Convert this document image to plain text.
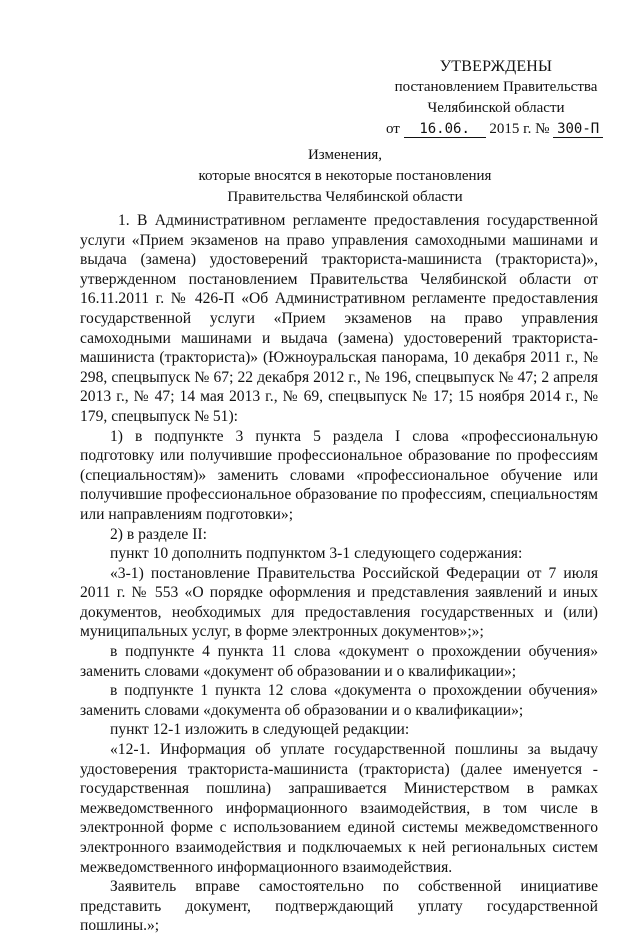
УТВЕРЖДЕНЫ
постановлением Правительства
Челябинской области
от 16.06. 2015 г. № 300-П
Изменения,
которые вносятся в некоторые постановления
Правительства Челябинской области

1. В Административном регламенте предоставления государственной услуги «Прием экзаменов на право управления самоходными машинами и выдача (замена) удостоверений тракториста-машиниста (тракториста)», утвержденном постановлением Правительства Челябинской области от 16.11.2011 г. № 426-П «Об Административном регламенте предоставления государственной услуги «Прием экзаменов на право управления самоходными машинами и выдача (замена) удостоверений тракториста-машиниста (тракториста)» (Южноуральская панорама, 10 декабря 2011 г., № 298, спецвыпуск № 67; 22 декабря 2012 г., № 196, спецвыпуск № 47; 2 апреля 2013 г., № 47; 14 мая 2013 г., № 69, спецвыпуск № 17; 15 ноября 2014 г., № 179, спецвыпуск № 51):

1) в подпункте 3 пункта 5 раздела I слова «профессиональную подготовку или получившие профессиональное образование по профессиям (специальностям)» заменить словами «профессиональное обучение или получившие профессиональное образование по профессиям, специальностям или направлениям подготовки»;

2) в разделе II:

пункт 10 дополнить подпунктом 3-1 следующего содержания:

«3-1) постановление Правительства Российской Федерации от 7 июля 2011 г. № 553 «О порядке оформления и представления заявлений и иных документов, необходимых для предоставления государственных и (или) муниципальных услуг, в форме электронных документов»;»;

в подпункте 4 пункта 11 слова «документ о прохождении обучения» заменить словами «документ об образовании и о квалификации»;

в подпункте 1 пункта 12 слова «документа о прохождении обучения» заменить словами «документа об образовании и о квалификации»;

пункт 12-1 изложить в следующей редакции:

«12-1. Информация об уплате государственной пошлины за выдачу удостоверения тракториста-машиниста (тракториста) (далее именуется - государственная пошлина) запрашивается Министерством в рамках межведомственного информационного взаимодействия, в том числе в электронной форме с использованием единой системы межведомственного электронного взаимодействия и подключаемых к ней региональных систем межведомственного информационного взаимодействия.

Заявитель вправе самостоятельно по собственной инициативе представить документ, подтверждающий уплату государственной пошлины.»;
